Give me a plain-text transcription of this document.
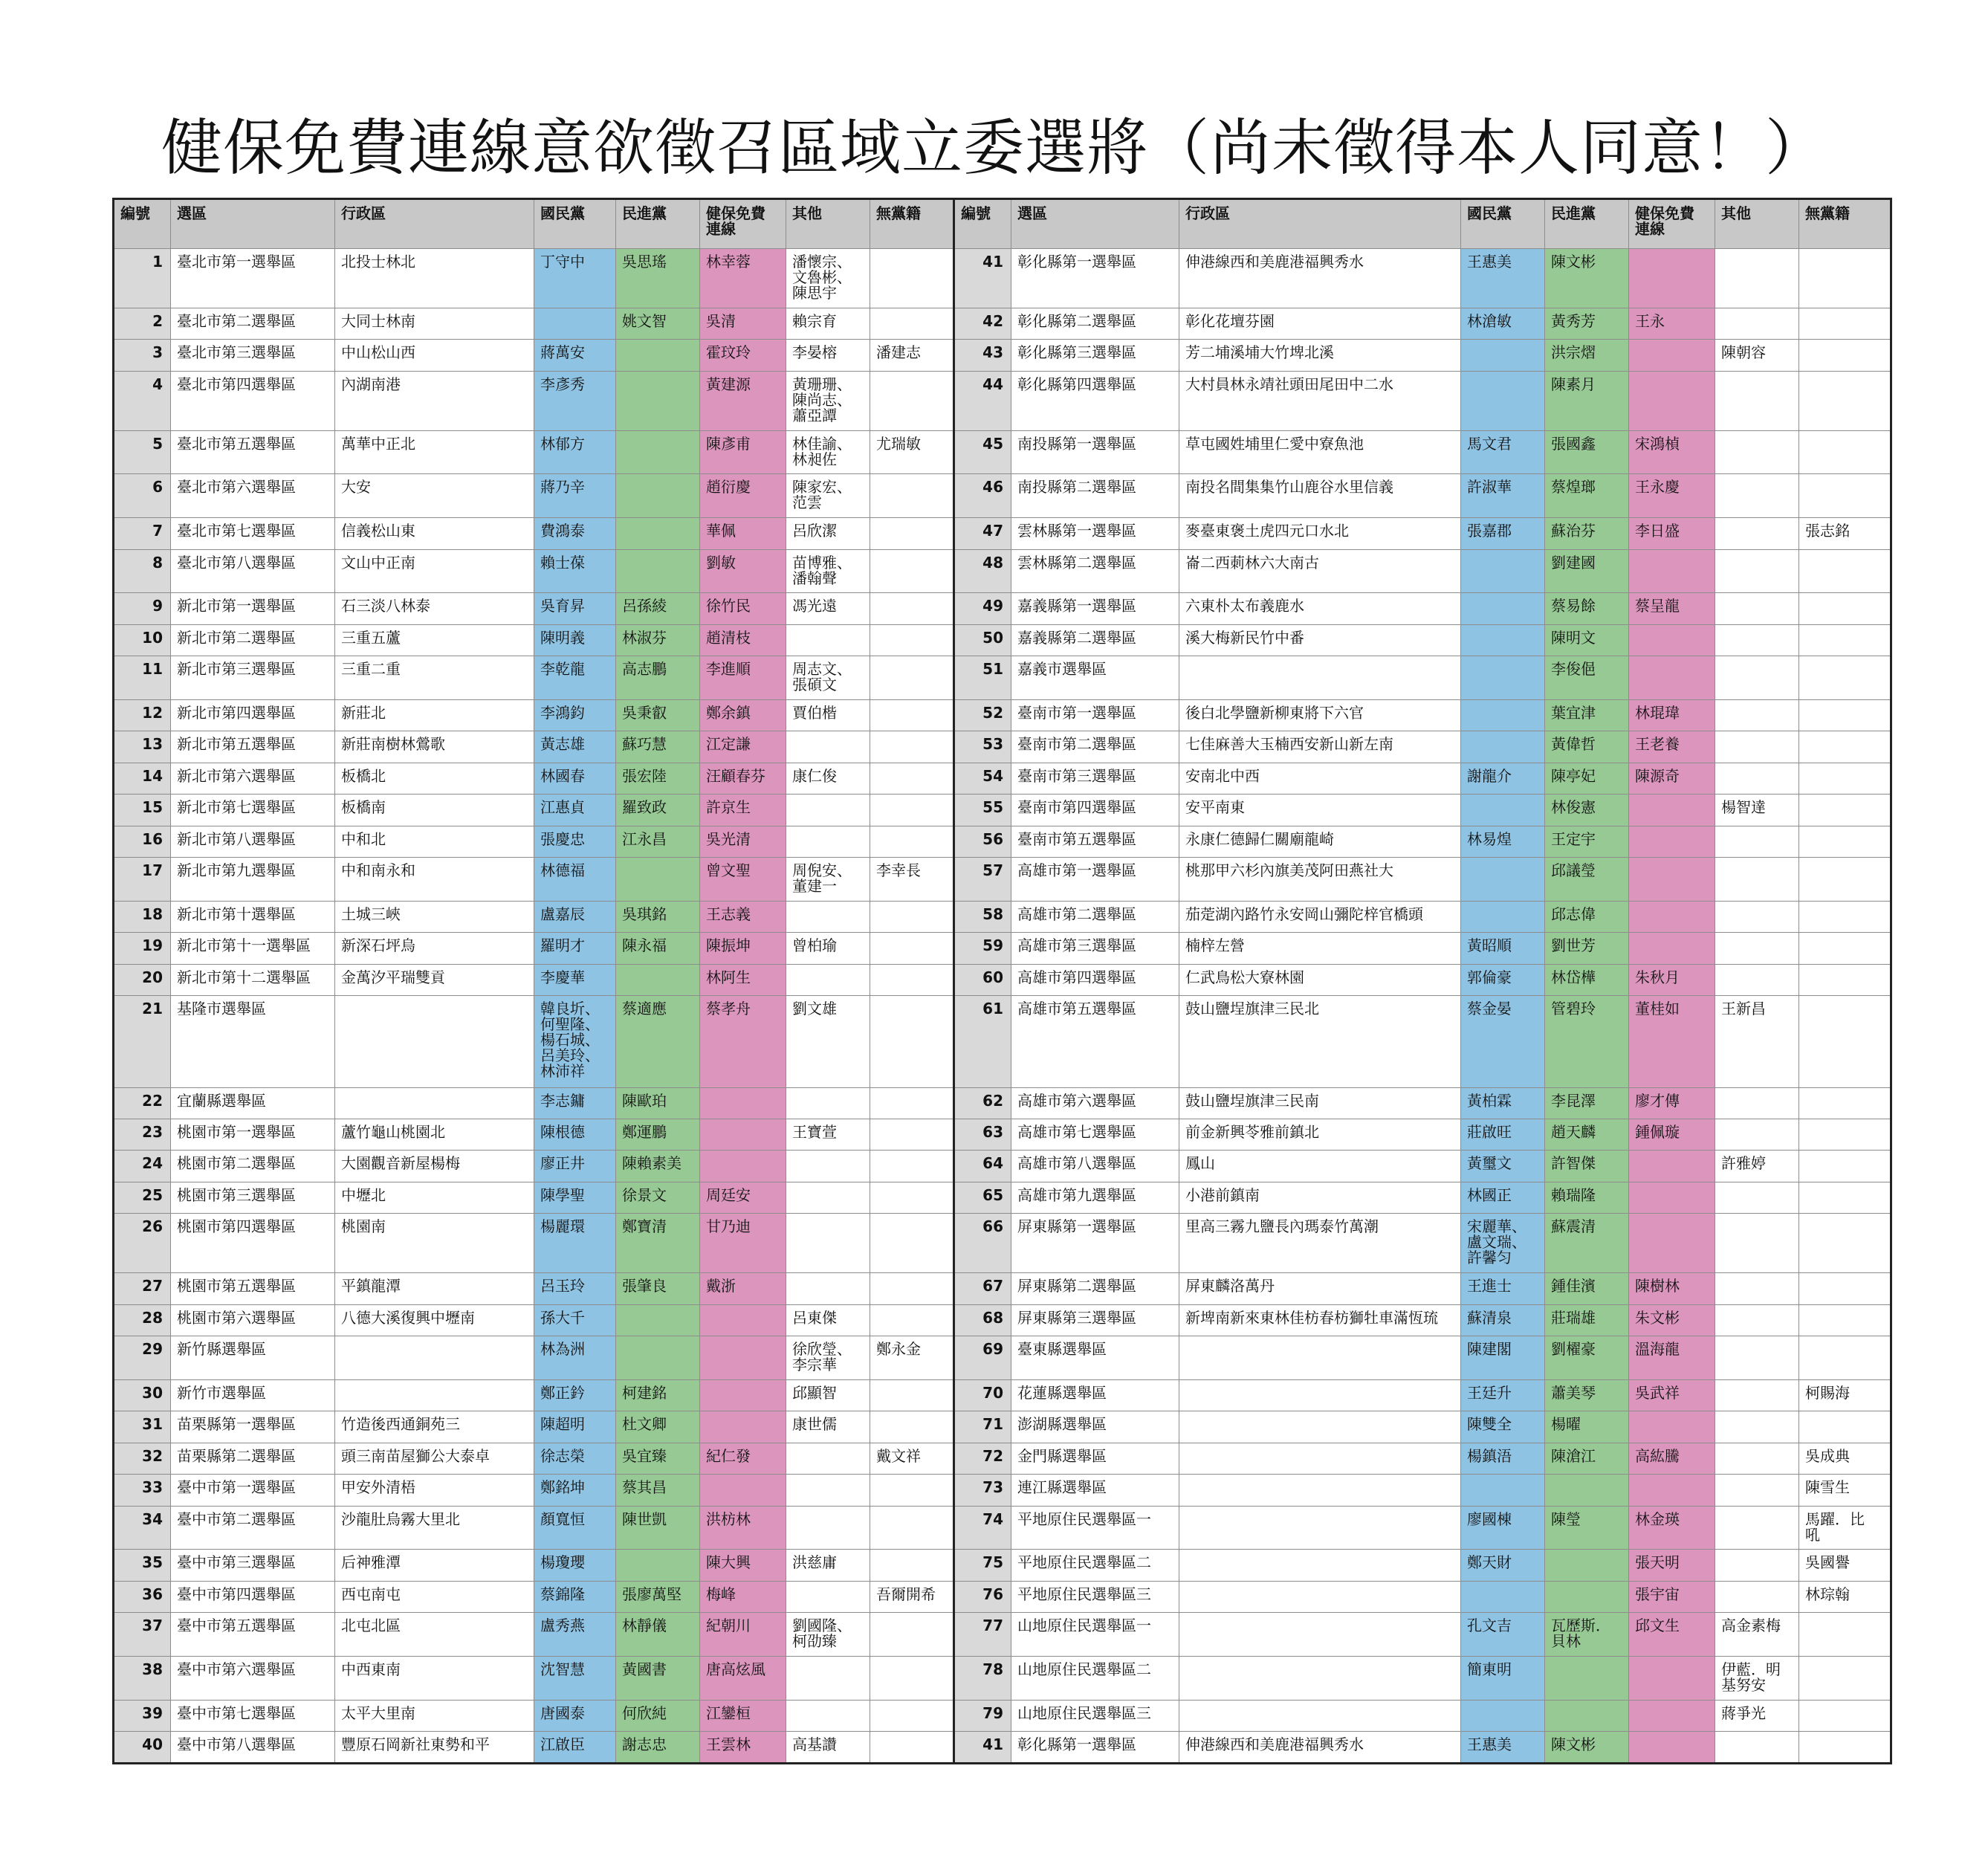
健保免費連線意欲徵召區域立委選將（尚未徵得本人同意！）
編號	選區	行政區	國民黨	民進黨	健保免費
連線	其他	無黨籍	編號	選區	行政區	國民黨	民進黨	健保免費
連線	其他	無黨籍
1	臺北市第一選舉區	北投士林北	丁守中	吳思瑤	林幸蓉	潘懷宗、
文魯彬、
陳思宇		41	彰化縣第一選舉區	伸港線西和美鹿港福興秀水	王惠美	陳文彬			
2	臺北市第二選舉區	大同士林南		姚文智	吳清	賴宗育		42	彰化縣第二選舉區	彰化花壇芬園	林滄敏	黃秀芳	王永		
3	臺北市第三選舉區	中山松山西	蔣萬安		霍玟玲	李晏榕	潘建志	43	彰化縣第三選舉區	芳二埔溪埔大竹埤北溪		洪宗熠		陳朝容	
4	臺北市第四選舉區	內湖南港	李彥秀		黃建源	黃珊珊、
陳尚志、
蕭亞譚		44	彰化縣第四選舉區	大村員林永靖社頭田尾田中二水		陳素月			
5	臺北市第五選舉區	萬華中正北	林郁方		陳彥甫	林佳諭、
林昶佐	尤瑞敏	45	南投縣第一選舉區	草屯國姓埔里仁愛中寮魚池	馬文君	張國鑫	宋鴻楨		
6	臺北市第六選舉區	大安	蔣乃辛		趙衍慶	陳家宏、
范雲		46	南投縣第二選舉區	南投名間集集竹山鹿谷水里信義	許淑華	蔡煌瑯	王永慶		
7	臺北市第七選舉區	信義松山東	費鴻泰		華佩	呂欣潔		47	雲林縣第一選舉區	麥臺東褒土虎四元口水北	張嘉郡	蘇治芬	李日盛		張志銘
8	臺北市第八選舉區	文山中正南	賴士葆		劉敏	苗博雅、
潘翰聲		48	雲林縣第二選舉區	崙二西莿林六大南古		劉建國			
9	新北市第一選舉區	石三淡八林泰	吳育昇	呂孫綾	徐竹民	馮光遠		49	嘉義縣第一選舉區	六東朴太布義鹿水		蔡易餘	蔡呈龍		
10	新北市第二選舉區	三重五蘆	陳明義	林淑芬	趙清枝			50	嘉義縣第二選舉區	溪大梅新民竹中番		陳明文			
11	新北市第三選舉區	三重二重	李乾龍	高志鵬	李進順	周志文、
張碩文		51	嘉義市選舉區			李俊俋			
12	新北市第四選舉區	新莊北	李鴻鈞	吳秉叡	鄭余鎮	賈伯楷		52	臺南市第一選舉區	後白北學鹽新柳東將下六官		葉宜津	林琨瑋		
13	新北市第五選舉區	新莊南樹林鶯歌	黃志雄	蘇巧慧	江定謙			53	臺南市第二選舉區	七佳麻善大玉楠西安新山新左南		黃偉哲	王老養		
14	新北市第六選舉區	板橋北	林國春	張宏陸	汪顧春芬	康仁俊		54	臺南市第三選舉區	安南北中西	謝龍介	陳亭妃	陳源奇		
15	新北市第七選舉區	板橋南	江惠貞	羅致政	許京生			55	臺南市第四選舉區	安平南東		林俊憲		楊智達	
16	新北市第八選舉區	中和北	張慶忠	江永昌	吳光清			56	臺南市第五選舉區	永康仁德歸仁關廟龍崎	林易煌	王定宇			
17	新北市第九選舉區	中和南永和	林德福		曾文聖	周倪安、
董建一	李幸長	57	高雄市第一選舉區	桃那甲六杉內旗美茂阿田燕社大		邱議瑩			
18	新北市第十選舉區	土城三峽	盧嘉辰	吳琪銘	王志義			58	高雄市第二選舉區	茄萣湖內路竹永安岡山彌陀梓官橋頭		邱志偉			
19	新北市第十一選舉區	新深石坪烏	羅明才	陳永福	陳振坤	曾柏瑜		59	高雄市第三選舉區	楠梓左營	黃昭順	劉世芳			
20	新北市第十二選舉區	金萬汐平瑞雙貢	李慶華		林阿生			60	高雄市第四選舉區	仁武鳥松大寮林園	郭倫豪	林岱樺	朱秋月		
21	基隆市選舉區		韓良圻、
何聖隆、
楊石城、
呂美玲、
林沛祥	蔡適應	蔡孝舟	劉文雄		61	高雄市第五選舉區	鼓山鹽埕旗津三民北	蔡金晏	管碧玲	董桂如	王新昌	
22	宜蘭縣選舉區		李志鏞	陳歐珀				62	高雄市第六選舉區	鼓山鹽埕旗津三民南	黃柏霖	李昆澤	廖才傳		
23	桃園市第一選舉區	蘆竹龜山桃園北	陳根德	鄭運鵬		王寶萱		63	高雄市第七選舉區	前金新興苓雅前鎮北	莊啟旺	趙天麟	鍾佩璇		
24	桃園市第二選舉區	大園觀音新屋楊梅	廖正井	陳賴素美				64	高雄市第八選舉區	鳳山	黃璽文	許智傑		許雅婷	
25	桃園市第三選舉區	中壢北	陳學聖	徐景文	周廷安			65	高雄市第九選舉區	小港前鎮南	林國正	賴瑞隆			
26	桃園市第四選舉區	桃園南	楊麗環	鄭寶清	甘乃迪			66	屏東縣第一選舉區	里高三霧九鹽長內瑪泰竹萬潮	宋麗華、
盧文瑞、
許馨匀	蘇震清			
27	桃園市第五選舉區	平鎮龍潭	呂玉玲	張肇良	戴浙			67	屏東縣第二選舉區	屏東麟洛萬丹	王進士	鍾佳濱	陳樹林		
28	桃園市第六選舉區	八德大溪復興中壢南	孫大千			呂東傑		68	屏東縣第三選舉區	新埤南新來東林佳枋春枋獅牡車滿恆琉	蘇清泉	莊瑞雄	朱文彬		
29	新竹縣選舉區		林為洲			徐欣瑩、
李宗華	鄭永金	69	臺東縣選舉區		陳建閣	劉櫂豪	溫海龍		
30	新竹市選舉區		鄭正鈐	柯建銘		邱顯智		70	花蓮縣選舉區		王廷升	蕭美琴	吳武祥		柯賜海
31	苗栗縣第一選舉區	竹造後西通銅苑三	陳超明	杜文卿		康世儒		71	澎湖縣選舉區		陳雙全	楊曜			
32	苗栗縣第二選舉區	頭三南苗屋獅公大泰卓	徐志榮	吳宜臻	紀仁發		戴文祥	72	金門縣選舉區		楊鎮浯	陳滄江	高紘騰		吳成典
33	臺中市第一選舉區	甲安外清梧	鄭銘坤	蔡其昌				73	連江縣選舉區						陳雪生
34	臺中市第二選舉區	沙龍肚烏霧大里北	顏寬恒	陳世凱	洪枋林			74	平地原住民選舉區一		廖國棟	陳瑩	林金瑛		馬躍．比
吼
35	臺中市第三選舉區	后神雅潭	楊瓊瓔		陳大興	洪慈庸		75	平地原住民選舉區二		鄭天財		張天明		吳國譽
36	臺中市第四選舉區	西屯南屯	蔡錦隆	張廖萬堅	梅峰		吾爾開希	76	平地原住民選舉區三				張宇宙		林琮翰
37	臺中市第五選舉區	北屯北區	盧秀燕	林靜儀	紀朝川	劉國隆、
柯劭臻		77	山地原住民選舉區一		孔文吉	瓦歷斯．
貝林	邱文生	高金素梅	
38	臺中市第六選舉區	中西東南	沈智慧	黃國書	唐高炫風			78	山地原住民選舉區二		簡東明			伊藍．明
基努安	
39	臺中市第七選舉區	太平大里南	唐國泰	何欣純	江鑾桓			79	山地原住民選舉區三					蔣爭光	
40	臺中市第八選舉區	豐原石岡新社東勢和平	江啟臣	謝志忠	王雲林	高基讚		41	彰化縣第一選舉區	伸港線西和美鹿港福興秀水	王惠美	陳文彬			
